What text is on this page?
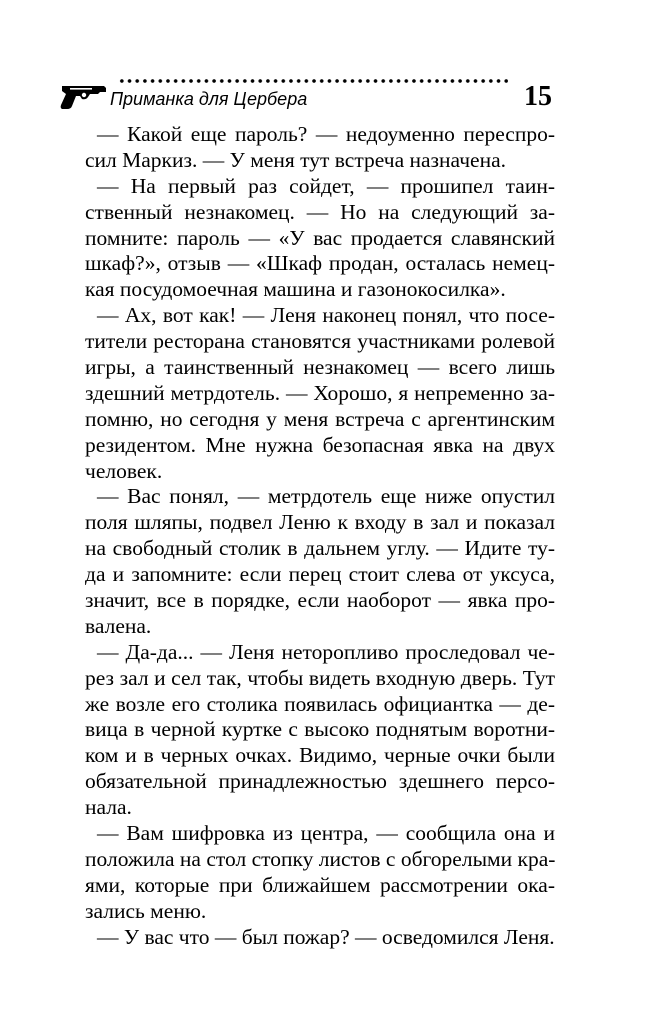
Приманка для Цербера	15
— Какой еще пароль? — недоуменно переспро-
сил Маркиз. — У меня тут встреча назначена.
— На первый раз сойдет, — прошипел таин-
ственный незнакомец. — Но на следующий за-
помните: пароль — «У вас продается славянский
шкаф?», отзыв — «Шкаф продан, осталась немец-
кая посудомоечная машина и газонокосилка».
— Ах, вот как! — Леня наконец понял, что посе-
тители ресторана становятся участниками ролевой
игры, а таинственный незнакомец — всего лишь
здешний метрдотель. — Хорошо, я непременно за-
помню, но сегодня у меня встреча с аргентинским
резидентом. Мне нужна безопасная явка на двух
человек.
— Вас понял, — метрдотель еще ниже опустил
поля шляпы, подвел Леню к входу в зал и показал
на свободный столик в дальнем углу. — Идите ту-
да и запомните: если перец стоит слева от уксуса,
значит, все в порядке, если наоборот — явка про-
валена.
— Да-да... — Леня неторопливо проследовал че-
рез зал и сел так, чтобы видеть входную дверь. Тут
же возле его столика появилась официантка — де-
вица в черной куртке с высоко поднятым воротни-
ком и в черных очках. Видимо, черные очки были
обязательной принадлежностью здешнего персо-
нала.
— Вам шифровка из центра, — сообщила она и
положила на стол стопку листов с обгорелыми кра-
ями, которые при ближайшем рассмотрении ока-
зались меню.
— У вас что — был пожар? — осведомился Леня.
